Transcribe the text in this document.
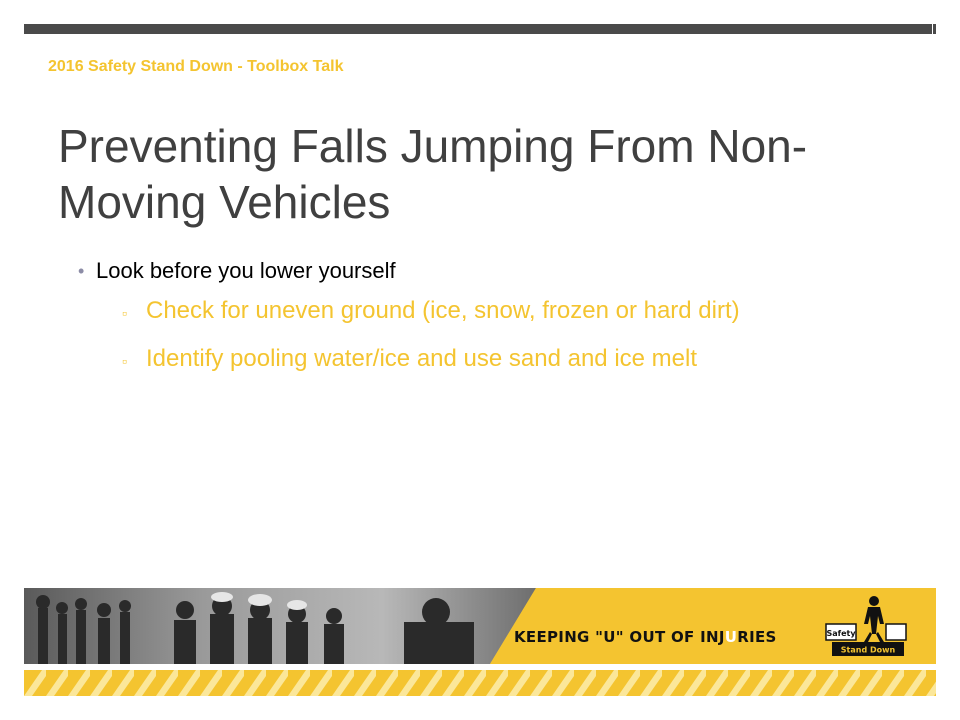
2016 Safety Stand Down - Toolbox Talk
Preventing Falls Jumping From Non-Moving Vehicles
• Look before you lower yourself
▫ Check for uneven ground (ice, snow, frozen or hard dirt)
▫ Identify pooling water/ice and use sand and ice melt
KEEPING "U" OUT OF INJURIES	Safety
Stand Down
